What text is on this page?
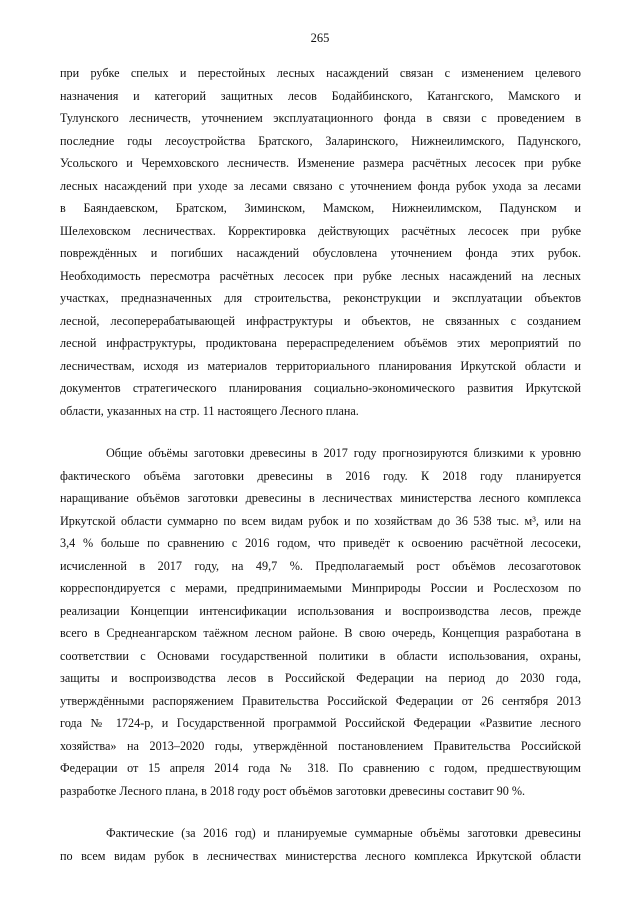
265
при рубке спелых и перестойных лесных насаждений связан с изменением целевого
назначения и категорий защитных лесов Бодайбинского, Катангского, Мамского и
Тулунского лесничеств, уточнением эксплуатационного фонда в связи с проведением в
последние годы лесоустройства Братского, Заларинского, Нижнеилимского, Падунского,
Усольского и Черемховского лесничеств. Изменение размера расчётных лесосек при рубке
лесных насаждений при уходе за лесами связано с уточнением фонда рубок ухода за лесами
в Баяндаевском, Братском, Зиминском, Мамском, Нижнеилимском, Падунском и
Шелеховском лесничествах. Корректировка действующих расчётных лесосек при рубке
повреждённых и погибших насаждений обусловлена уточнением фонда этих рубок.
Необходимость пересмотра расчётных лесосек при рубке лесных насаждений на лесных
участках, предназначенных для строительства, реконструкции и эксплуатации объектов
лесной, лесоперерабатывающей инфраструктуры и объектов, не связанных с созданием
лесной инфраструктуры, продиктована перераспределением объёмов этих мероприятий по
лесничествам, исходя из материалов территориального планирования Иркутской области и
документов стратегического планирования социально-экономического развития Иркутской
области, указанных на стр. 11 настоящего Лесного плана.
Общие объёмы заготовки древесины в 2017 году прогнозируются близкими к уровню
фактического объёма заготовки древесины в 2016 году. К 2018 году планируется
наращивание объёмов заготовки древесины в лесничествах министерства лесного комплекса
Иркутской области суммарно по всем видам рубок и по хозяйствам до 36 538 тыс. м³, или на
3,4 % больше по сравнению с 2016 годом, что приведёт к освоению расчётной лесосеки,
исчисленной в 2017 году, на 49,7 %. Предполагаемый рост объёмов лесозаготовок
корреспондируется с мерами, предпринимаемыми Минприроды России и Рослесхозом по
реализации Концепции интенсификации использования и воспроизводства лесов, прежде
всего в Среднеангарском таёжном лесном районе. В свою очередь, Концепция разработана в
соответствии с Основами государственной политики в области использования, охраны,
защиты и воспроизводства лесов в Российской Федерации на период до 2030 года,
утверждёнными распоряжением Правительства Российской Федерации от 26 сентября 2013
года № 1724-р, и Государственной программой Российской Федерации «Развитие лесного
хозяйства» на 2013–2020 годы, утверждённой постановлением Правительства Российской
Федерации от 15 апреля 2014 года № 318. По сравнению с годом, предшествующим
разработке Лесного плана, в 2018 году рост объёмов заготовки древесины составит 90 %.
Фактические (за 2016 год) и планируемые суммарные объёмы заготовки древесины
по всем видам рубок в лесничествах министерства лесного комплекса Иркутской области
